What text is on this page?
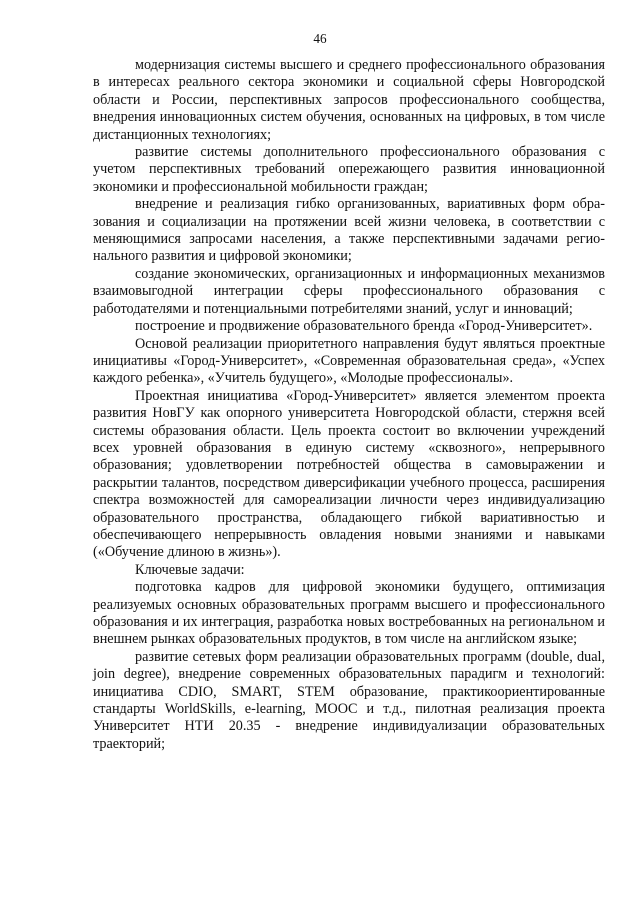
46

модернизация системы высшего и среднего профессионального образования в интересах реального сектора экономики и социальной сферы Новгородской области и России, перспективных запросов профессионального сообщества, внедрения инновационных систем обучения, основанных на цифровых, в том числе дистанционных технологиях;

развитие системы дополнительного профессионального образования с учетом перспективных требований опережающего развития инновационной экономики и профессиональной мобильности граждан;

внедрение и реализация гибко организованных, вариативных форм образования и социализации на протяжении всей жизни человека, в соответствии с меняющимися запросами населения, а также перспективными задачами регионального развития и цифровой экономики;

создание экономических, организационных и информационных механизмов взаимовыгодной интеграции сферы профессионального образования с работодателями и потенциальными потребителями знаний, услуг и инноваций;

построение и продвижение образовательного бренда «Город-Университет».

Основой реализации приоритетного направления будут являться проектные инициативы «Город-Университет», «Современная образовательная среда», «Успех каждого ребенка», «Учитель будущего», «Молодые профессионалы».

Проектная инициатива «Город-Университет» является элементом проекта развития НовГУ как опорного университета Новгородской области, стержня всей системы образования области. Цель проекта состоит во включении учреждений всех уровней образования в единую систему «сквозного», непрерывного образования; удовлетворении потребностей общества в самовыражении и раскрытии талантов, посредством диверсификации учебного процесса, расширения спектра возможностей для самореализации личности через индивидуализацию образовательного пространства, обладающего гибкой вариативностью и обеспечивающего непрерывность овладения новыми знаниями и навыками («Обучение длиною в жизнь»).

Ключевые задачи:

подготовка кадров для цифровой экономики будущего, оптимизация реализуемых основных образовательных программ высшего и профессионального образования и их интеграция, разработка новых востребованных на региональном и внешнем рынках образовательных продуктов, в том числе на английском языке;

развитие сетевых форм реализации образовательных программ (double, dual, join degree), внедрение современных образовательных парадигм и технологий: инициатива CDIO, SMART, STEM образование, практикоориентированные стандарты WorldSkills, e-learning, MOOC и т.д., пилотная реализация проекта Университет НТИ 20.35 - внедрение индивидуализации образовательных траекторий;
